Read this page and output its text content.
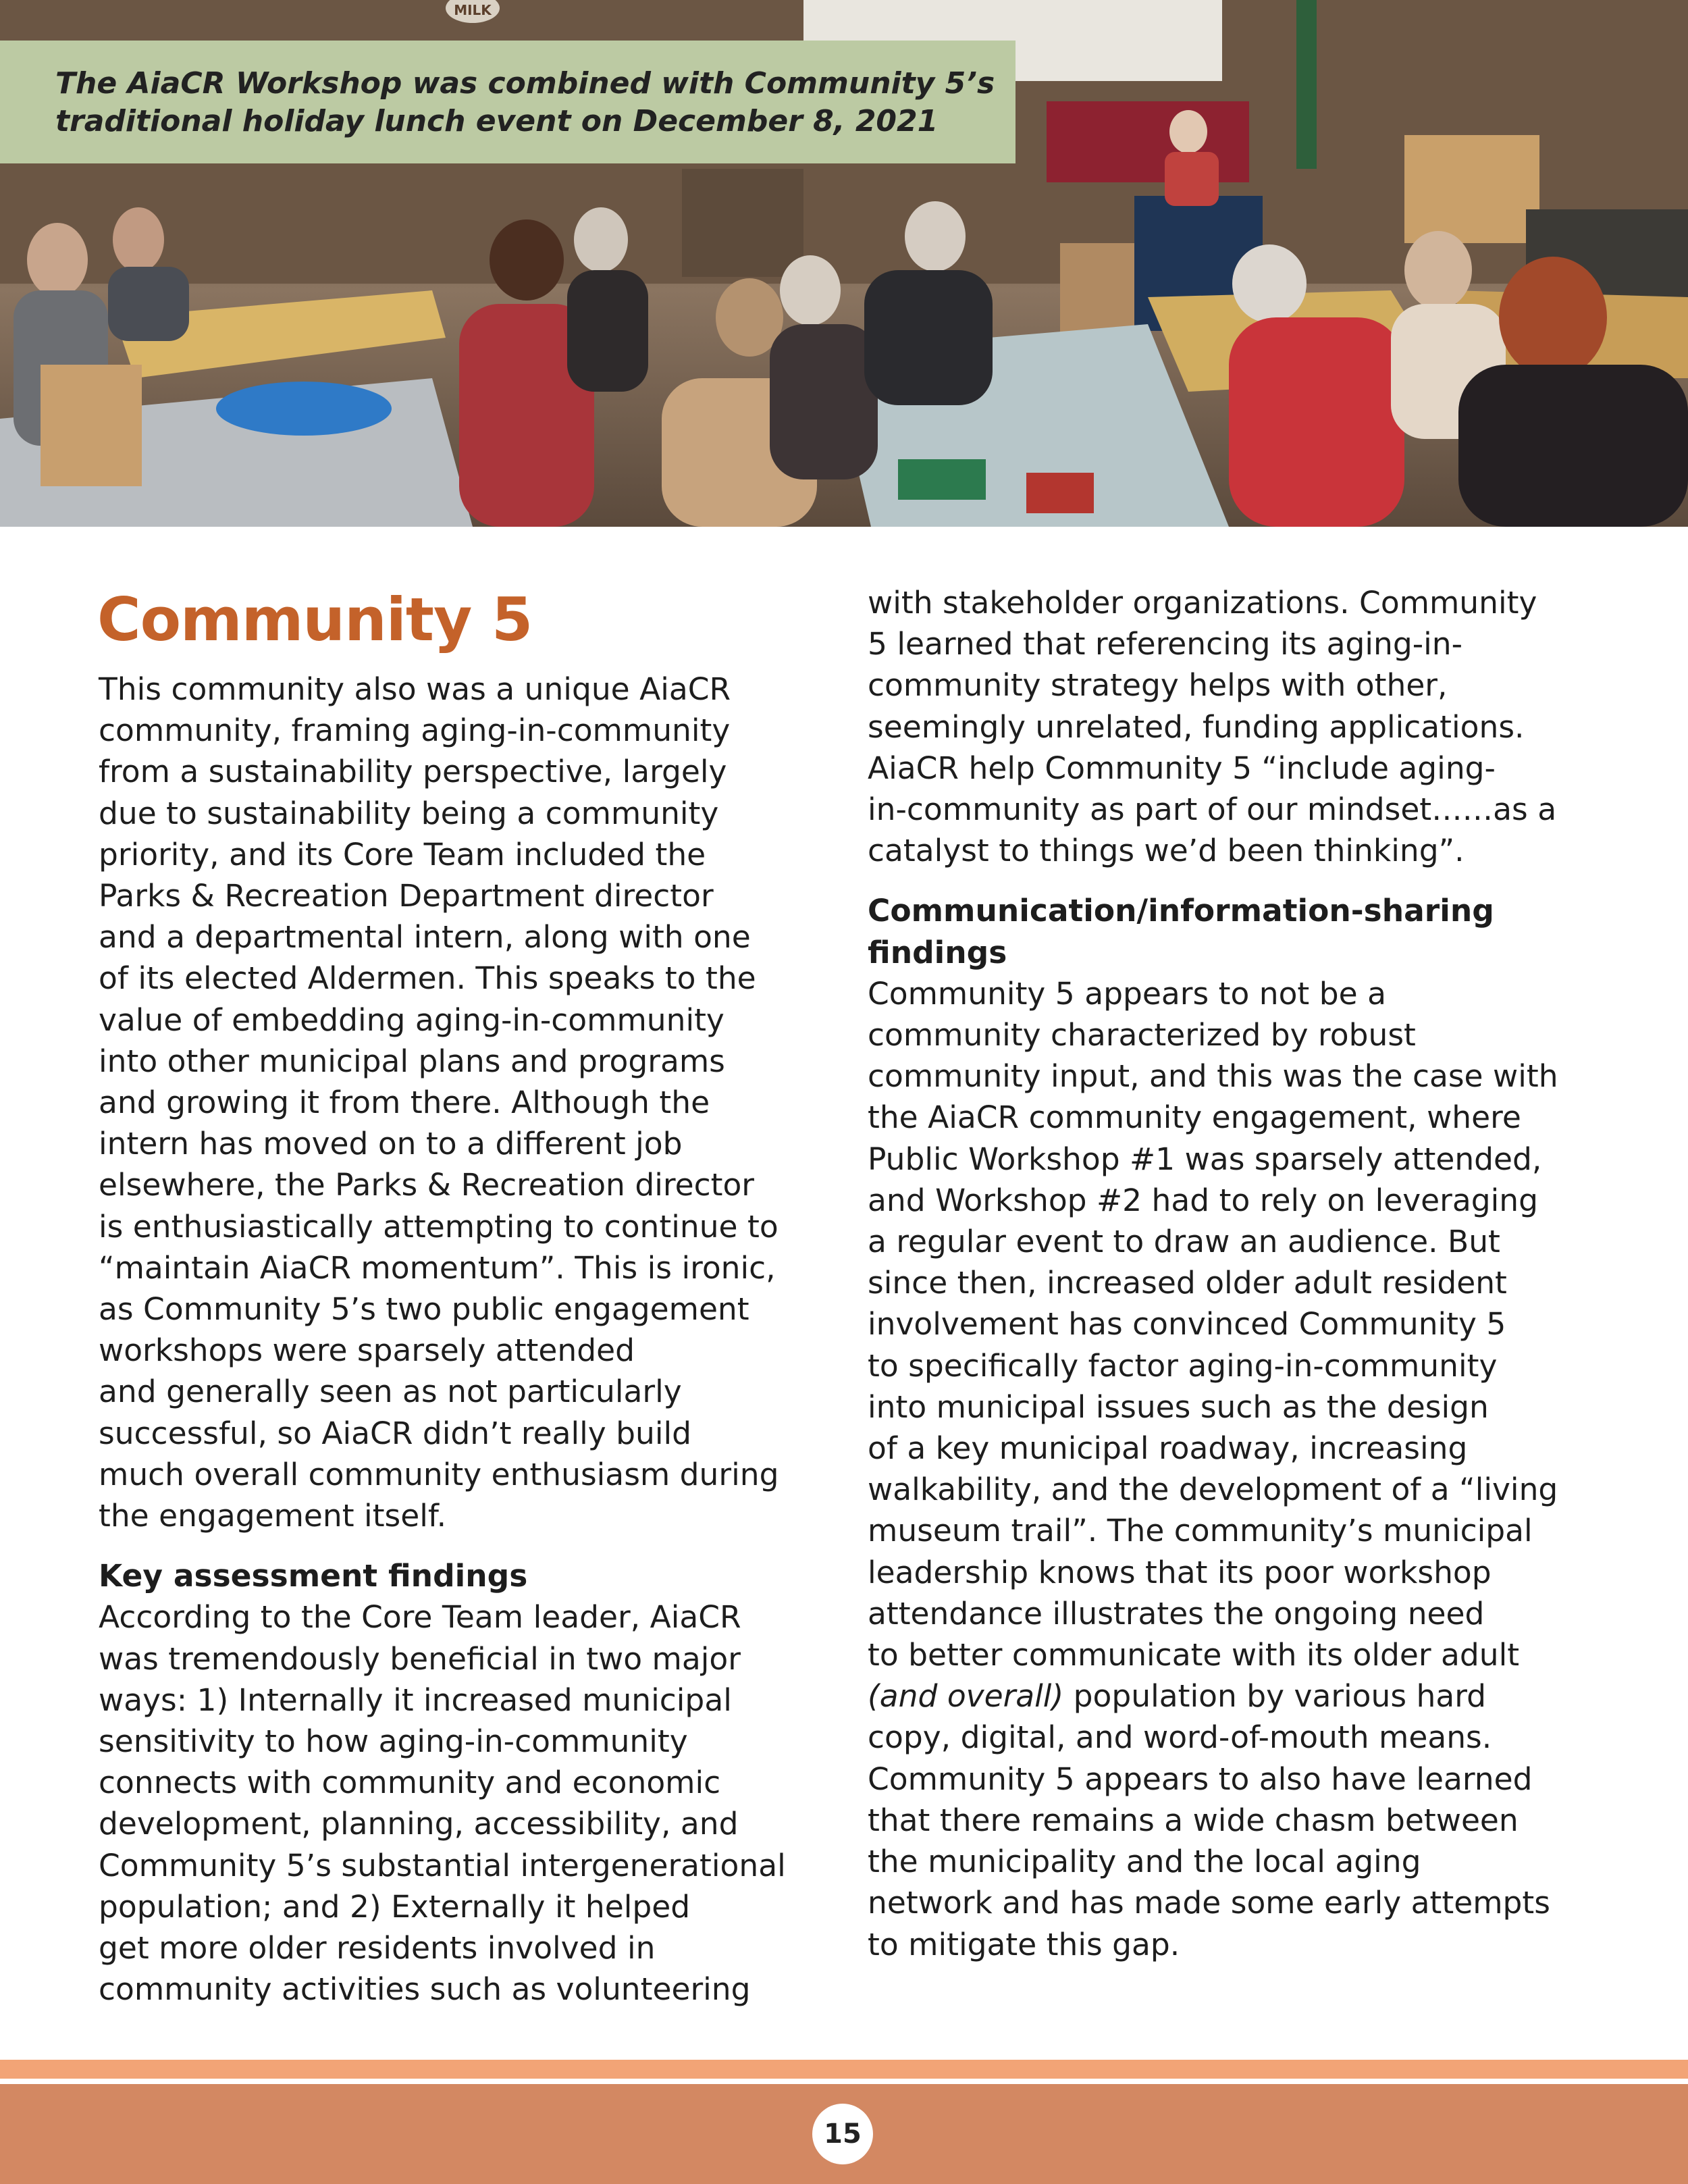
MILK
The AiaCR Workshop was combined with Community 5’s
traditional holiday lunch event on December 8, 2021
Community 5

This community also was a unique AiaCR
community, framing aging-in-community
from a sustainability perspective, largely
due to sustainability being a community
priority, and its Core Team included the
Parks & Recreation Department director
and a departmental intern, along with one
of its elected Aldermen. This speaks to the
value of embedding aging-in-community
into other municipal plans and programs
and growing it from there. Although the
intern has moved on to a different job
elsewhere, the Parks & Recreation director
is enthusiastically attempting to continue to
“maintain AiaCR momentum”. This is ironic,
as Community 5’s two public engagement
workshops were sparsely attended
and generally seen as not particularly
successful, so AiaCR didn’t really build
much overall community enthusiasm during
the engagement itself.

Key assessment findings

According to the Core Team leader, AiaCR
was tremendously beneficial in two major
ways: 1) Internally it increased municipal
sensitivity to how aging-in-community
connects with community and economic
development, planning, accessibility, and
Community 5’s substantial intergenerational
population; and 2) Externally it helped
get more older residents involved in
community activities such as volunteering

with stakeholder organizations. Community
5 learned that referencing its aging-in-
community strategy helps with other,
seemingly unrelated, funding applications.
AiaCR help Community 5 “include aging-
in-community as part of our mindset……as a
catalyst to things we’d been thinking”.

Communication/information-sharing
findings

Community 5 appears to not be a
community characterized by robust
community input, and this was the case with
the AiaCR community engagement, where
Public Workshop #1 was sparsely attended,
and Workshop #2 had to rely on leveraging
a regular event to draw an audience. But
since then, increased older adult resident
involvement has convinced Community 5
to specifically factor aging-in-community
into municipal issues such as the design
of a key municipal roadway, increasing
walkability, and the development of a “living
museum trail”. The community’s municipal
leadership knows that its poor workshop
attendance illustrates the ongoing need
to better communicate with its older adult
(and overall) population by various hard
copy, digital, and word-of-mouth means.
Community 5 appears to also have learned
that there remains a wide chasm between
the municipality and the local aging
network and has made some early attempts
to mitigate this gap.

15
